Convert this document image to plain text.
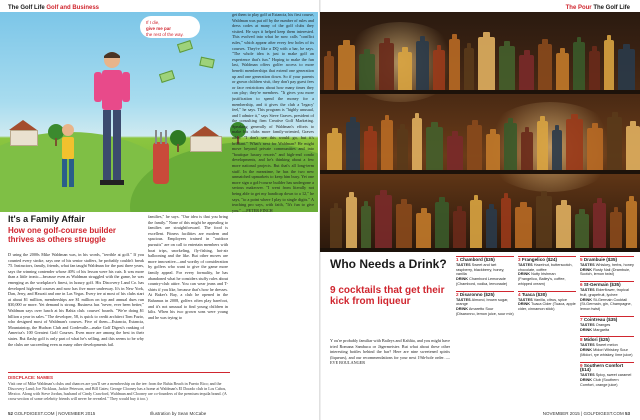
The Golf Life Golf and Business
If I die,
give me par
the rest of the way.
It's a Family Affair
How one golf-course builder thrives as others struggle

D uring the 2000s Mike Waldman was, in his words, "terrible at golf." If you counted every stroke, says one of his senior staffers, he probably couldn't break 75. Instructors, family, friends, what fan taught Waldman for the past three years, says the winning contender whose 40% of his lesson were his cuts. It was more than a little ironic—because even as Waldman struggled with the game, he was emerging as the workplace's finest, in luxury golf. His Discovery Land Co. has developed high-end courses and now has five more underway. It's in New York, Dan, Jerry, and Hawaii and one in Las Vegas. Every tee at most of his clubs start at about $1 million, memberships are $1 million on top and annual dues run $30,000 or more. Yet demand is strong. Business has "never, ever been better," Waldman says over lunch at his Bahia club. courses' boards. "We're doing $1 billion a year in sales." The developer, 58, is quick to credit architect Tom Fazio, who designed most of Waldman's courses. Five of them—Estancia, Estancia, Mountaintop, the Hudson Club and Cordevalle—make Golf Digest's ranking of America's 100 Greatest Golf Courses. Even more are among the best in their states. But flashy golf is only part of what he's selling, and this seems to be why the clubs are succeeding even as many other developments fail.

families," he says. "Our idea is that you bring the family." None of this might be appealing to families are straightforward. The food is excellent. Fitness facilities are modern and spacious. Employees trained in "outdoor pursuits" are on call to entertain members with boat trips, snorkeling, fly-fishing, hot-air ballooning and the like. But other moves are more innovative—and worthy of consideration by golfers who want to give the game more family appeal. For every formality, he has abandoned what he considers stuffy rules about country-club attire. You can wear jeans and T-shirts if you like, because that's how he dresses. At Baker's Bay, a club he opened in the Bahamas in 2008, golfers often play barefoot, and it's not unusual to find young children in kilts. When his two grown sons were young and he was trying to

get them to play golf at Estancia, his first course, Waldman was put off by the number of rules and dress codes at many of the golf clubs they visited. He says it helped keep them interested. This evolved into what he now calls "conflict rules," which appear after every few holes of its courses. They're like a DQ with a bar, he says. "The whole idea is just to make golf an experience that's fun." Hoping to make the fun last, Waldman offers golfer access to more benefit memberships that extend one generation up and one generation down. So if your parents or grown children visit, they don't pay guest fees or face restrictions about how many times they can play; they're members. "It gives you more justification to spend the money for a membership, and it gives the club a 'legacy' feel," he says. This program is "highly unusual, and I admire it," says Steve Graves, president of the consulting firm Creative Golf Marketing. Speaking generally of Waldman's efforts to make his clubs more family-oriented, Graves adds, "I don't see this would go, but it's brilliant." What's next for Waldman? He might move beyond private communities and into "boutique luxury resorts" and high-end condo developments, and he's thinking about a few more national projects. But that's all long-term stuff. In the meantime, he has the two new unmatched upmarkets to keep him busy. Yet one more sign a golf-course builder has undergone a serious makeover. "I went from literally not being able to get my handicap down to a 12," he says, "to a point where I play to single digits." A teaching pro says, with faith, "It's fun to give you." —PETER FINCH

DISCPLACE: NAMES
Visit one of Mike Waldman's clubs and chances are you'll see a membership on the tee: from the Bahia Beach in Puerto Rico; and the Discovery Land; Joe Nicklaus, Jackie Peterson, and Bill Gates; George Clooney has a home at Waldman's El Dorado club in Los Cabos, Mexico. Along with Steve Jordan, husband of Cindy Crawford, Waldman and Clooney are co-founders of the premium tequila brand. (A cross-section of some celebrity friends will never be revealed." They would buy it too.)
52 GOLFDIGEST.COM | NOVEMBER 2015	Illustration by Sean McCabe
The Pour The Golf Life
Who Needs a Drink?
9 cocktails that get their kick from liqueur
Y ou're probably familiar with Baileys and Kahlúa, and you might have tried Romana Sambuca or Jägermeister. But what about these other interesting bottles behind the bar? Here are nine sweetened spirits (liqueurs), and our recommendations for your next 19th-hole order. —EVE BOULANGER
1 Chambord ($35)
TASTES Sweet and tart raspberry, blackberry, honey, vanilla
DRINK Chambord Lemonade (Chambord, vodka, lemonade)
2 Disaronno ($25)
TASTES Almond, brown sugar, orange
DRINK Amaretto Sour (Disaronno, lemon juice, sour mix)
3 Frangelico ($24)
TASTES Hazelnut, butterscotch, chocolate, coffee
DRINK Nutty Irishman (Frangelico, Bailey's, coffee, whipped cream)
4 Tuaca ($30)
TASTES Vanilla, citrus, spice
DRINK Tuaca Cider (Tuaca, apple cider, cinnamon stick)
5 Drambuie ($35)
TASTES Whiskey, herbs, honey
DRINK Rusty Nail (Drambuie, Scotch, lemon twist)
6 St-Germain ($35)
TASTES Elderflower, tropical fruit, grapefruit, lychee
DRINK St-Germain Cocktail (St-Germain, gin, Champagne, lemon twist)
7 Cointreau ($35)
TASTES Oranges
DRINK Margarita
8 Midori ($25)
TASTES Sweet melon
DRINK Midori Whiskey Sour (Midori, rye whiskey, lime juice)
9 Southern Comfort ($14)
TASTES Spicy, sweet caramel
DRINK Club (Southern Comfort, orange juice)
NOVEMBER 2015 | GOLFDIGEST.COM 53
